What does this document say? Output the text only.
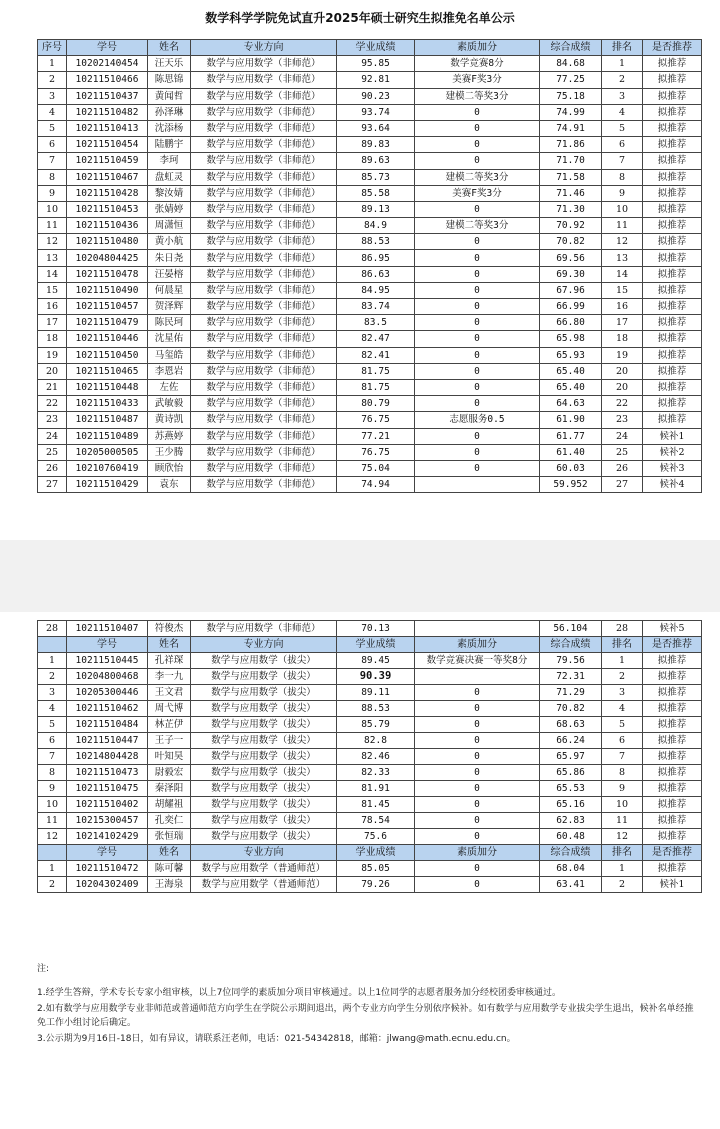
数学科学学院免试直升2025年硕士研究生拟推免名单公示
序号	学号	姓名	专业方向	学业成绩	素质加分	综合成绩	排名	是否推荐
1	10202140454	汪天乐	数学与应用数学（非师范）	95.85	数学竞赛8分	84.68	1	拟推荐
2	10211510466	陈思锦	数学与应用数学（非师范）	92.81	美赛F奖3分	77.25	2	拟推荐
3	10211510437	黄闻哲	数学与应用数学（非师范）	90.23	建模二等奖3分	75.18	3	拟推荐
4	10211510482	孙泽琳	数学与应用数学（非师范）	93.74	0	74.99	4	拟推荐
5	10211510413	沈添杨	数学与应用数学（非师范）	93.64	0	74.91	5	拟推荐
6	10211510454	陆鹏宇	数学与应用数学（非师范）	89.83	0	71.86	6	拟推荐
7	10211510459	李珂	数学与应用数学（非师范）	89.63	0	71.70	7	拟推荐
8	10211510467	盘虹灵	数学与应用数学（非师范）	85.73	建模二等奖3分	71.58	8	拟推荐
9	10211510428	黎汝婧	数学与应用数学（非师范）	85.58	美赛F奖3分	71.46	9	拟推荐
10	10211510453	张婧婷	数学与应用数学（非师范）	89.13	0	71.30	10	拟推荐
11	10211510436	周潇恒	数学与应用数学（非师范）	84.9	建模二等奖3分	70.92	11	拟推荐
12	10211510480	黄小航	数学与应用数学（非师范）	88.53	0	70.82	12	拟推荐
13	10204804425	朱日尧	数学与应用数学（非师范）	86.95	0	69.56	13	拟推荐
14	10211510478	汪晏榕	数学与应用数学（非师范）	86.63	0	69.30	14	拟推荐
15	10211510490	何晨星	数学与应用数学（非师范）	84.95	0	67.96	15	拟推荐
16	10211510457	贺泽辉	数学与应用数学（非师范）	83.74	0	66.99	16	拟推荐
17	10211510479	陈民珂	数学与应用数学（非师范）	83.5	0	66.80	17	拟推荐
18	10211510446	沈星佑	数学与应用数学（非师范）	82.47	0	65.98	18	拟推荐
19	10211510450	马玺皓	数学与应用数学（非师范）	82.41	0	65.93	19	拟推荐
20	10211510465	李恩岩	数学与应用数学（非师范）	81.75	0	65.40	20	拟推荐
21	10211510448	左佐	数学与应用数学（非师范）	81.75	0	65.40	20	拟推荐
22	10211510433	武敏毅	数学与应用数学（非师范）	80.79	0	64.63	22	拟推荐
23	10211510487	黄诗凯	数学与应用数学（非师范）	76.75	志愿服务0.5	61.90	23	拟推荐
24	10211510489	苏燕婷	数学与应用数学（非师范）	77.21	0	61.77	24	候补1
25	10205000505	王少腾	数学与应用数学（非师范）	76.75	0	61.40	25	候补2
26	10210760419	顾欣怡	数学与应用数学（非师范）	75.04	0	60.03	26	候补3
27	10211510429	袁东	数学与应用数学（非师范）	74.94		59.952	27	候补4
28	10211510407	符俊杰	数学与应用数学（非师范）	70.13		56.104	28	候补5
	学号	姓名	专业方向	学业成绩	素质加分	综合成绩	排名	是否推荐
1	10211510445	孔祥琛	数学与应用数学（拔尖）	89.45	数学竞赛决赛一等奖8分	79.56	1	拟推荐
2	10204800468	李一九	数学与应用数学（拔尖）	90.39		72.31	2	拟推荐
3	10205300446	王文君	数学与应用数学（拔尖）	89.11	0	71.29	3	拟推荐
4	10211510462	周弋博	数学与应用数学（拔尖）	88.53	0	70.82	4	拟推荐
5	10211510484	林芷伊	数学与应用数学（拔尖）	85.79	0	68.63	5	拟推荐
6	10211510447	王子一	数学与应用数学（拔尖）	82.8	0	66.24	6	拟推荐
7	10214804428	叶知昊	数学与应用数学（拔尖）	82.46	0	65.97	7	拟推荐
8	10211510473	尉毅宏	数学与应用数学（拔尖）	82.33	0	65.86	8	拟推荐
9	10211510475	秦泽阳	数学与应用数学（拔尖）	81.91	0	65.53	9	拟推荐
10	10211510402	胡耀祖	数学与应用数学（拔尖）	81.45	0	65.16	10	拟推荐
11	10215300457	孔奕仁	数学与应用数学（拔尖）	78.54	0	62.83	11	拟推荐
12	10214102429	张恒瑞	数学与应用数学（拔尖）	75.6	0	60.48	12	拟推荐
	学号	姓名	专业方向	学业成绩	素质加分	综合成绩	排名	是否推荐
1	10211510472	陈可馨	数学与应用数学（普通师范）	85.05	0	68.04	1	拟推荐
2	10204302409	王海泉	数学与应用数学（普通师范）	79.26	0	63.41	2	候补1

注:

1.经学生答辩，学术专长专家小组审核，以上7位同学的素质加分项目审核通过。以上1位同学的志愿者服务加分经校团委审核通过。

2.如有数学与应用数学专业非师范或普通师范方向学生在学院公示期间退出，两个专业方向学生分别依序候补。如有数学与应用数学专业拔尖学生退出，候补名单经推免工作小组讨论后确定。

3.公示期为9月16日-18日，如有异议，请联系汪老师，电话：021-54342818，邮箱：jlwang@math.ecnu.edu.cn。
